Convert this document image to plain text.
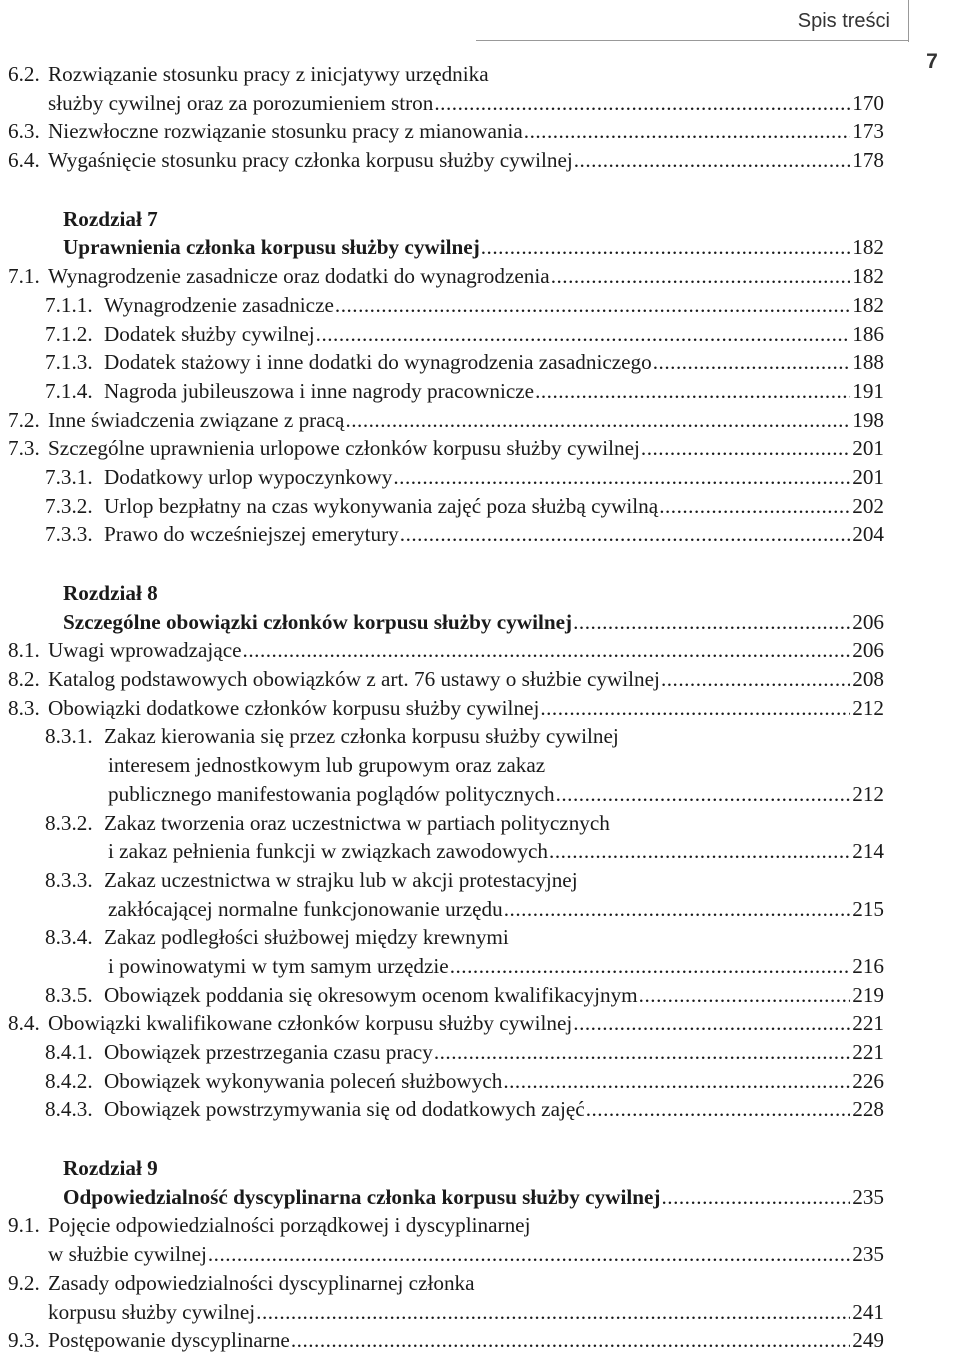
Spis treści
7
6.2. Rozwiązanie stosunku pracy z inicjatywy urzędnika
służby cywilnej oraz za porozumieniem stron .....	170
6.3. Niezwłoczne rozwiązanie stosunku pracy z mianowania .....	173
6.4. Wygaśnięcie stosunku pracy członka korpusu służby cywilnej .....	178
Rozdział 7
Uprawnienia członka korpusu służby cywilnej .....	182
7.1. Wynagrodzenie zasadnicze oraz dodatki do wynagrodzenia .....	182
7.1.1. Wynagrodzenie zasadnicze .....	182
7.1.2. Dodatek służby cywilnej .....	186
7.1.3. Dodatek stażowy i inne dodatki do wynagrodzenia zasadniczego .....	188
7.1.4. Nagroda jubileuszowa i inne nagrody pracownicze .....	191
7.2. Inne świadczenia związane z pracą .....	198
7.3. Szczególne uprawnienia urlopowe członków korpusu służby cywilnej .....	201
7.3.1. Dodatkowy urlop wypoczynkowy .....	201
7.3.2. Urlop bezpłatny na czas wykonywania zajęć poza służbą cywilną .....	202
7.3.3. Prawo do wcześniejszej emerytury .....	204
Rozdział 8
Szczególne obowiązki członków korpusu służby cywilnej .....	206
8.1. Uwagi wprowadzające .....	206
8.2. Katalog podstawowych obowiązków z art. 76 ustawy o służbie cywilnej .....	208
8.3. Obowiązki dodatkowe członków korpusu służby cywilnej .....	212
8.3.1. Zakaz kierowania się przez członka korpusu służby cywilnej
interesem jednostkowym lub grupowym oraz zakaz
publicznego manifestowania poglądów politycznych .....	212
8.3.2. Zakaz tworzenia oraz uczestnictwa w partiach politycznych
i zakaz pełnienia funkcji w związkach zawodowych .....	214
8.3.3. Zakaz uczestnictwa w strajku lub w akcji protestacyjnej
zakłócającej normalne funkcjonowanie urzędu .....	215
8.3.4. Zakaz podległości służbowej między krewnymi
i powinowatymi w tym samym urzędzie .....	216
8.3.5. Obowiązek poddania się okresowym ocenom kwalifikacyjnym .....	219
8.4. Obowiązki kwalifikowane członków korpusu służby cywilnej .....	221
8.4.1. Obowiązek przestrzegania czasu pracy .....	221
8.4.2. Obowiązek wykonywania poleceń służbowych .....	226
8.4.3. Obowiązek powstrzymywania się od dodatkowych zajęć .....	228
Rozdział 9
Odpowiedzialność dyscyplinarna członka korpusu służby cywilnej .....	235
9.1. Pojęcie odpowiedzialności porządkowej i dyscyplinarnej
w służbie cywilnej .....	235
9.2. Zasady odpowiedzialności dyscyplinarnej członka
korpusu służby cywilnej .....	241
9.3. Postępowanie dyscyplinarne .....	249
